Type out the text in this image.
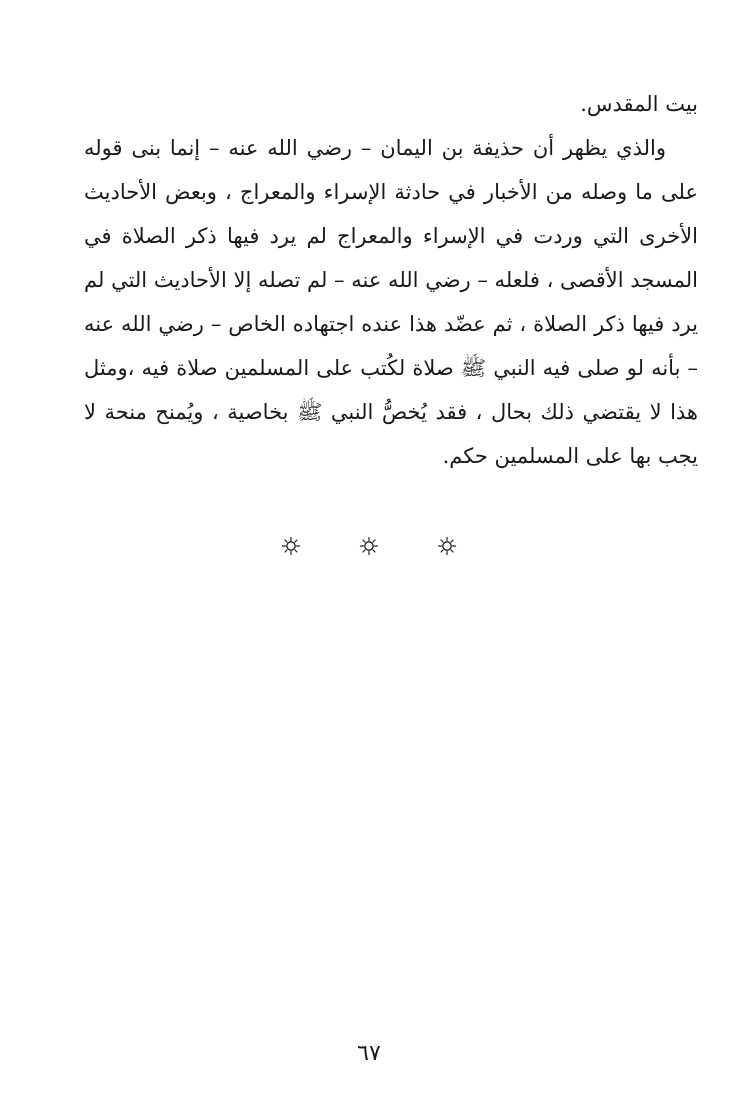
بيت المقدس.

والذي يظهر أن حذيفة بن اليمان – رضي الله عنه – إنما بنى قوله على ما وصله من الأخبار في حادثة الإسراء والمعراج ، وبعض الأحاديث الأخرى التي وردت في الإسراء والمعراج لم يرد فيها ذكر الصلاة في المسجد الأقصى ، فلعله – رضي الله عنه – لم تصله إلا الأحاديث التي لم يرد فيها ذكر الصلاة ، ثم عضّد هذا عنده اجتهاده الخاص – رضي الله عنه – بأنه لو صلى فيه النبي ﷺ صلاة لكُتب على المسلمين صلاة فيه ،ومثل هذا لا يقتضي ذلك بحال ، فقد يُخصُّ النبي ﷺ بخاصية ، ويُمنح منحة لا يجب بها على المسلمين حكم.

٦٧
